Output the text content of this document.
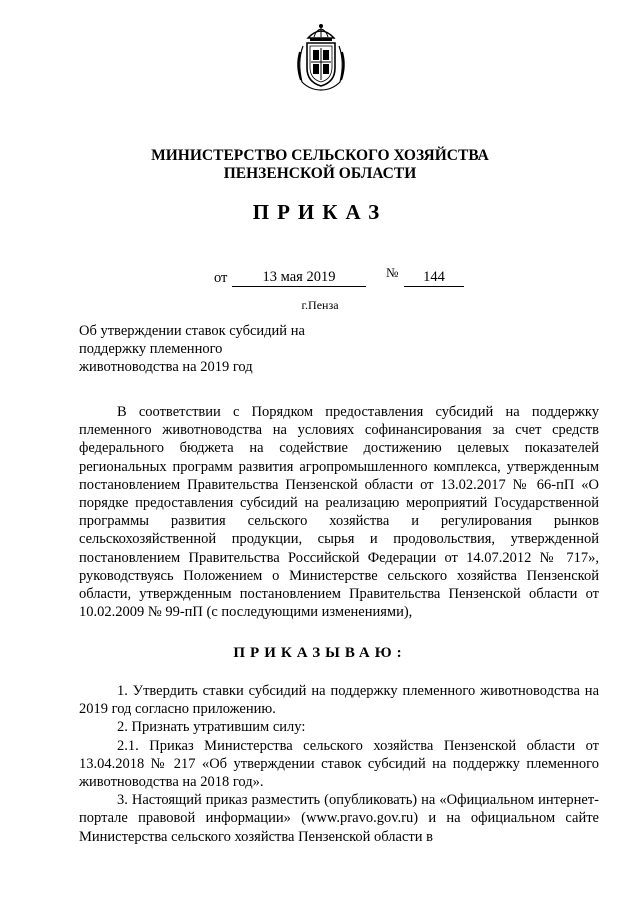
МИНИСТЕРСТВО СЕЛЬСКОГО ХОЗЯЙСТВА
ПЕНЗЕНСКОЙ ОБЛАСТИ
ПРИКАЗ
от	13 мая 2019	№	144
г.Пенза
Об утверждении ставок субсидий на
поддержку племенного
животноводства на 2019 год

В соответствии с Порядком предоставления субсидий на поддержку племенного животноводства на условиях софинансирования за счет средств федерального бюджета на содействие достижению целевых показателей региональных программ развития агропромышленного комплекса, утвержденным постановлением Правительства Пензенской области от 13.02.2017 № 66-пП «О порядке предоставления субсидий на реализацию мероприятий Государственной программы развития сельского хозяйства и регулирования рынков сельскохозяйственной продукции, сырья и продовольствия, утвержденной постановлением Правительства Российской Федерации от 14.07.2012 № 717», руководствуясь Положением о Министерстве сельского хозяйства Пензенской области, утвержденным постановлением Правительства Пензенской области от 10.02.2009 № 99-пП (с последующими изменениями),

ПРИКАЗЫВАЮ:

1. Утвердить ставки субсидий на поддержку племенного животноводства на 2019 год согласно приложению.

2. Признать утратившим силу:

2.1. Приказ Министерства сельского хозяйства Пензенской области от 13.04.2018 № 217 «Об утверждении ставок субсидий на поддержку племенного животноводства на 2018 год».

3. Настоящий приказ разместить (опубликовать) на «Официальном интернет-портале правовой информации» (www.pravo.gov.ru) и на официальном сайте Министерства сельского хозяйства Пензенской области в
